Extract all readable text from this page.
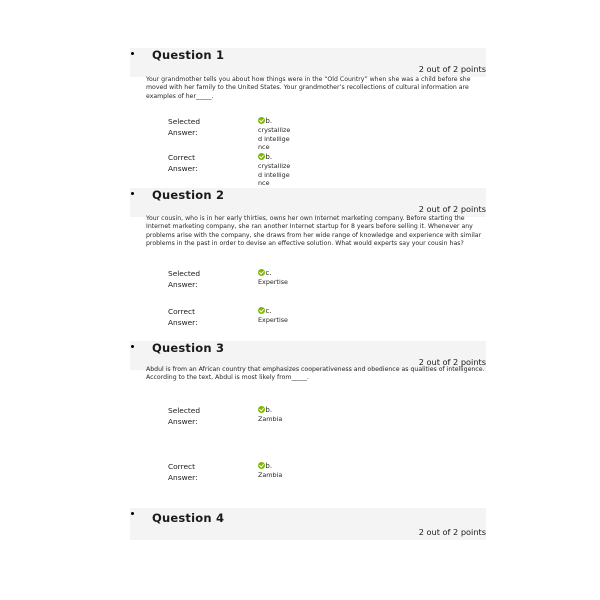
Question 1
2 out of 2 points
Your grandmother tells you about how things were in the “Old Country” when she was a child before she moved with her family to the United States. Your grandmother’s recollections of cultural information are examples of her_____.
Selected Answer:
b.
crystallized intelligence
Correct Answer:
b.
crystallized intelligence
Question 2
2 out of 2 points
Your cousin, who is in her early thirties, owns her own Internet marketing company. Before starting the Internet marketing company, she ran another Internet startup for 8 years before selling it. Whenever any problems arise with the company, she draws from her wide range of knowledge and experience with similar problems in the past in order to devise an effective solution. What would experts say your cousin has?
Selected Answer:
c.
Expertise
Correct Answer:
c.
Expertise
Question 3
2 out of 2 points
Abdul is from an African country that emphasizes cooperativeness and obedience as qualities of intelligence. According to the text, Abdul is most likely from_____.
Selected Answer:
b.
Zambia
Correct Answer:
b.
Zambia
Question 4
2 out of 2 points
